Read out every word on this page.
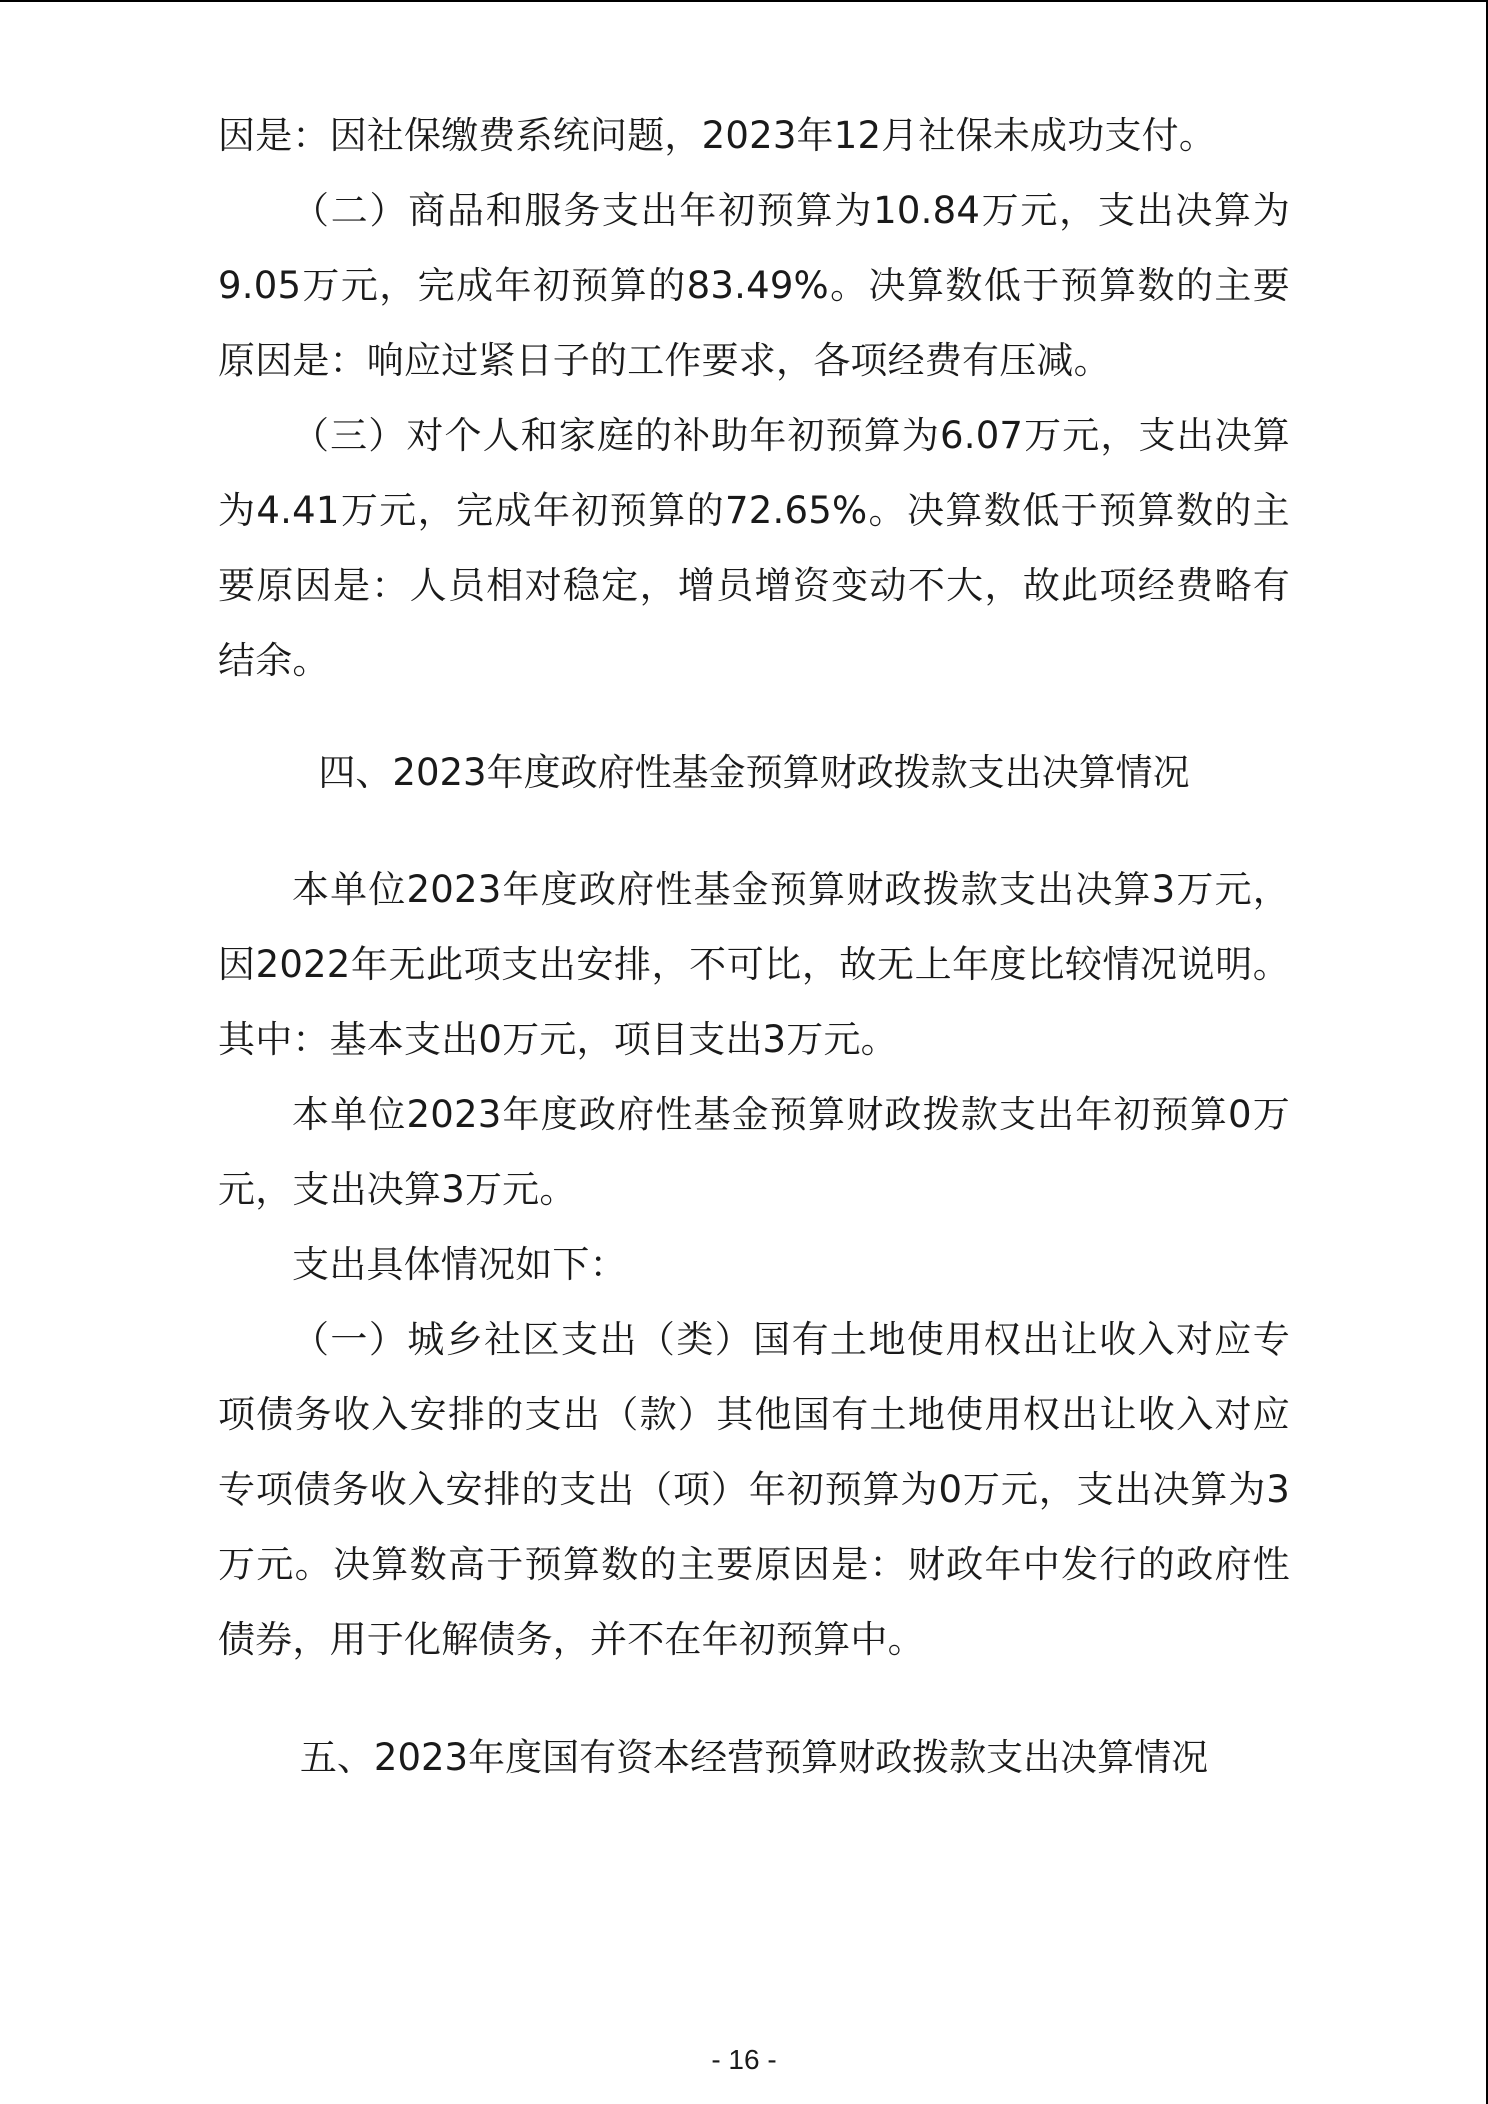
因是：因社保缴费系统问题，2023年12月社保未成功支付。

（二）商品和服务支出年初预算为10.84万元，支出决算为9.05万元，完成年初预算的83.49%。决算数低于预算数的主要原因是：响应过紧日子的工作要求，各项经费有压减。

（三）对个人和家庭的补助年初预算为6.07万元，支出决算为4.41万元，完成年初预算的72.65%。决算数低于预算数的主要原因是：人员相对稳定，增员增资变动不大，故此项经费略有结余。

四、2023年度政府性基金预算财政拨款支出决算情况

本单位2023年度政府性基金预算财政拨款支出决算3万元，因2022年无此项支出安排，不可比，故无上年度比较情况说明。其中：基本支出0万元，项目支出3万元。

本单位2023年度政府性基金预算财政拨款支出年初预算0万元，支出决算3万元。

支出具体情况如下：

（一）城乡社区支出（类）国有土地使用权出让收入对应专项债务收入安排的支出（款）其他国有土地使用权出让收入对应专项债务收入安排的支出（项）年初预算为0万元，支出决算为3万元。决算数高于预算数的主要原因是：财政年中发行的政府性债券，用于化解债务，并不在年初预算中。

五、2023年度国有资本经营预算财政拨款支出决算情况
- 16 -
